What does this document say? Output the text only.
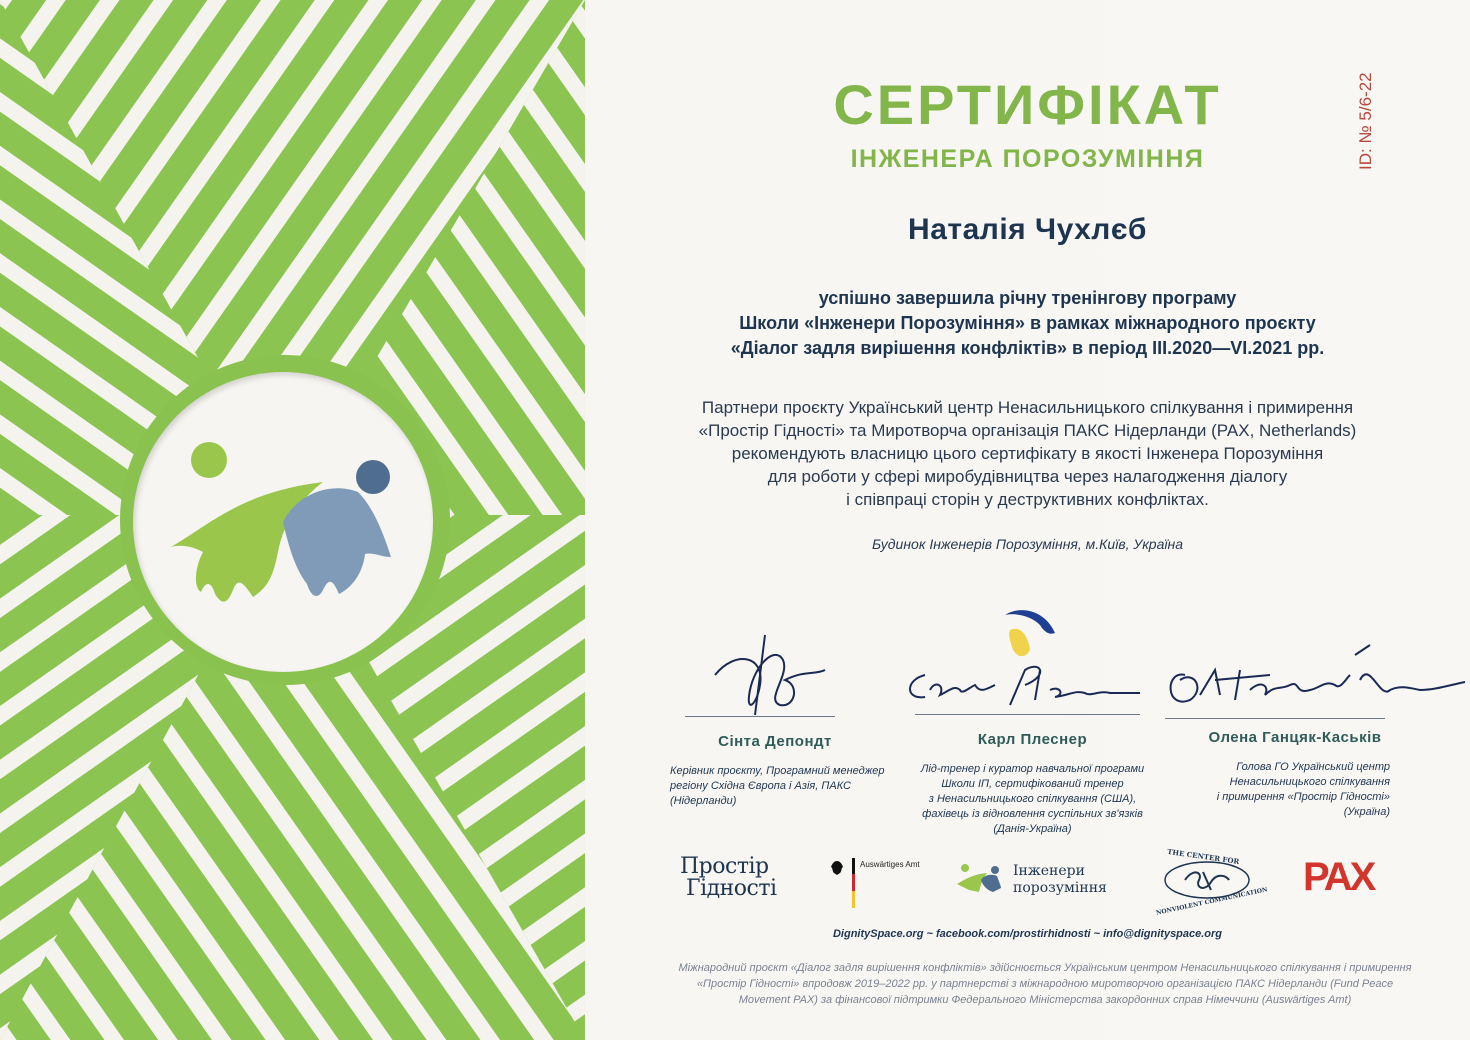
СЕРТИФІКАТ
ІНЖЕНЕРА ПОРОЗУМІННЯ
Наталія Чухлєб
успішно завершила річну тренінгову програму
Школи «Інженери Порозуміння» в рамках міжнародного проєкту
«Діалог задля вирішення конфліктів» в період III.2020—VI.2021 рр.
Партнери проєкту Український центр Ненасильницького спілкування і примирення
«Простір Гідності» та Миротворча організація ПАКС Нідерланди (PAX, Netherlands)
рекомендують власницю цього сертифікату в якості Інженера Порозуміння
для роботи у сфері миробудівництва через налагодження діалогу
і співпраці сторін у деструктивних конфліктах.
Будинок Інженерів Порозуміння, м.Київ, Україна
Сінта Депондт
Керівник проєкту, Програмний менеджер
регіону Східна Європа і Азія, ПАКС
(Нідерланди)
Карл Плеснер
Лід-тренер і куратор навчальної програми
Школи ІП, сертифікований тренер
з Ненасильницького спілкування (США),
фахівець із відновлення суспільних зв'язків
(Данія-Україна)
Олена Ганцяк-Каськів
Голова ГО Український центр
Ненасильницького спілкування
і примирення «Простір Гідності»
(Україна)
Простір
Гідності
Auswärtiges Amt	Інженери
порозуміння
THE CENTER FOR
NONVIOLENT COMMUNICATION
PAX
DignitySpace.org ~ facebook.com/prostirhidnosti ~ info@dignityspace.org
Міжнародний проєкт «Діалог задля вирішення конфліктів» здійснюється Українським центром Ненасильницького спілкування і примирення
«Простір Гідності» впродовж 2019–2022 рр. у партнерстві з міжнародною миротворчою організацією ПАКС Нідерланди (Fund Peace
Movement PAX) за фінансової підтримки Федерального Міністерства закордонних справ Німеччини (Auswärtiges Amt)
ID: № 5/6-22
